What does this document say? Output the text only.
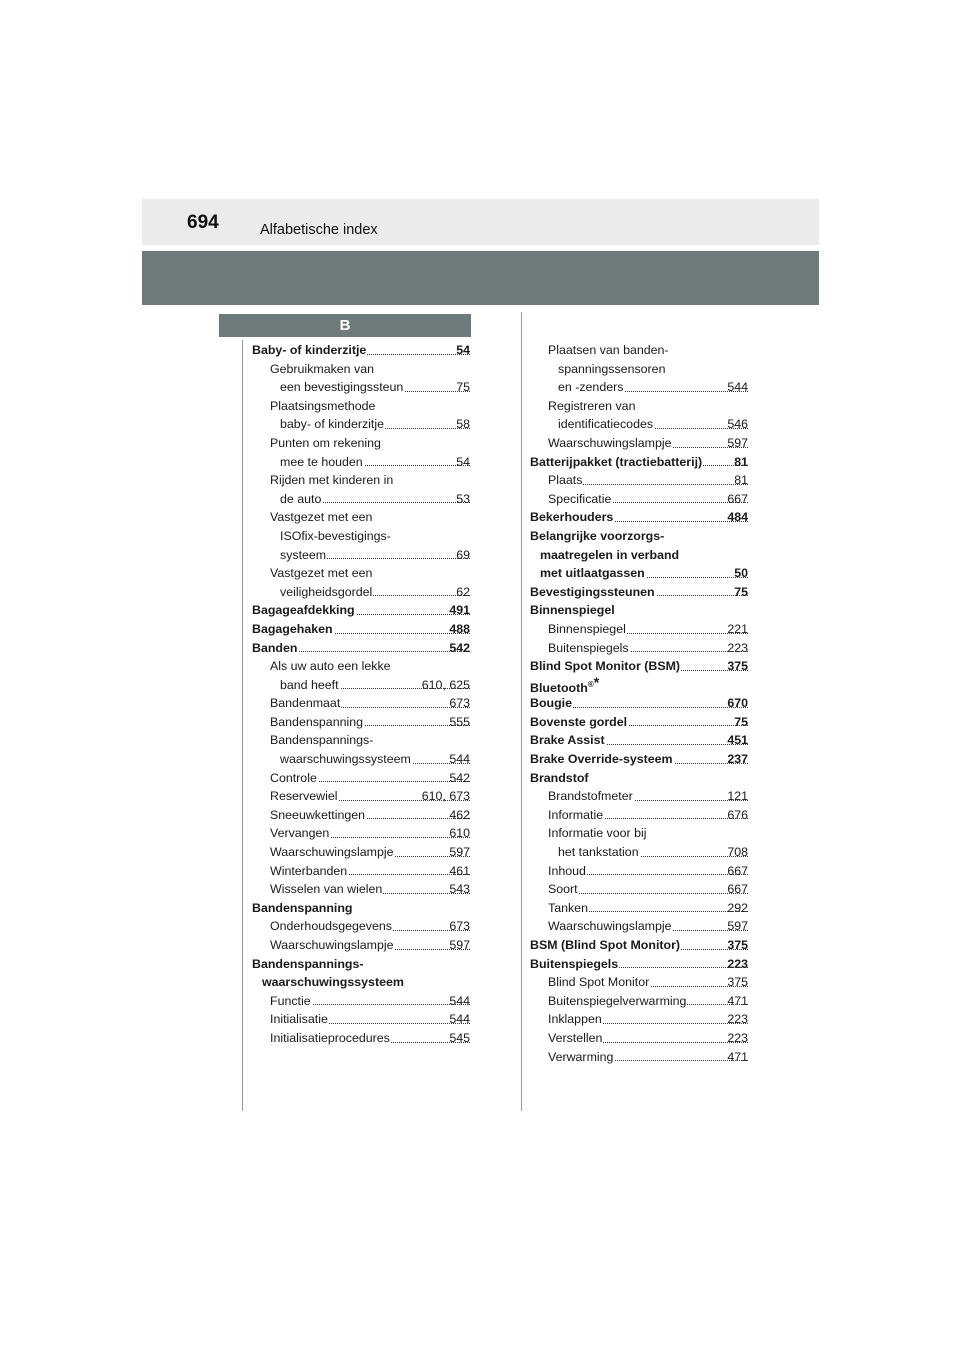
694	Alfabetische index
B
Baby- of kinderzitje	54
Gebruikmaken van
een bevestigingssteun	75
Plaatsingsmethode
baby- of kinderzitje	58
Punten om rekening
mee te houden	54
Rijden met kinderen in
de auto	53
Vastgezet met een
ISOfix-bevestigings-
systeem	69
Vastgezet met een
veiligheidsgordel	62
Bagageafdekking	491
Bagagehaken	488
Banden	542
Als uw auto een lekke
band heeft	610, 625
Bandenmaat	673
Bandenspanning	555
Bandenspannings-
waarschuwingssysteem	544
Controle	542
Reservewiel	610, 673
Sneeuwkettingen	462
Vervangen	610
Waarschuwingslampje	597
Winterbanden	461
Wisselen van wielen	543
Bandenspanning
Onderhoudsgegevens	673
Waarschuwingslampje	597
Bandenspannings-
waarschuwingssysteem
Functie	544
Initialisatie	544
Initialisatieprocedures	545
Plaatsen van banden-
spanningssensoren
en -zenders	544
Registreren van
identificatiecodes	546
Waarschuwingslampje	597
Batterijpakket (tractiebatterij)	81
Plaats	81
Specificatie	667
Bekerhouders	484
Belangrijke voorzorgs-
maatregelen in verband
met uitlaatgassen	50
Bevestigingssteunen	75
Binnenspiegel
Binnenspiegel	221
Buitenspiegels	223
Blind Spot Monitor (BSM)	375
Bluetooth®*
Bougie	670
Bovenste gordel	75
Brake Assist	451
Brake Override-systeem	237
Brandstof
Brandstofmeter	121
Informatie	676
Informatie voor bij
het tankstation	708
Inhoud	667
Soort	667
Tanken	292
Waarschuwingslampje	597
BSM (Blind Spot Monitor)	375
Buitenspiegels	223
Blind Spot Monitor	375
Buitenspiegelverwarming	471
Inklappen	223
Verstellen	223
Verwarming	471
